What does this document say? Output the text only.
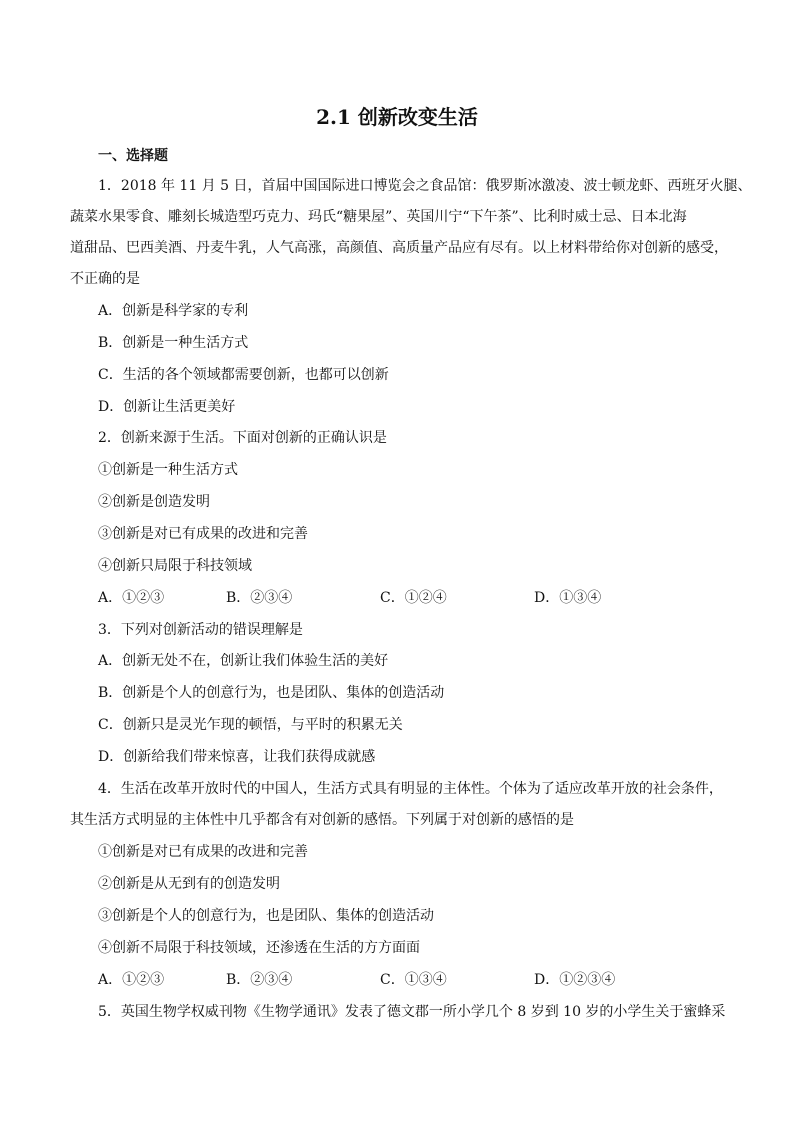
2.1 创新改变生活
一、选择题
1．2018 年 11 月 5 日，首届中国国际进口博览会之食品馆：俄罗斯冰激凌、波士顿龙虾、西班牙火腿、
蔬菜水果零食、雕刻长城造型巧克力、玛氏“糖果屋”、英国川宁“下午茶”、比利时威士忌、日本北海
道甜品、巴西美酒、丹麦牛乳，人气高涨，高颜值、高质量产品应有尽有。以上材料带给你对创新的感受，
不正确的是
A．创新是科学家的专利
B．创新是一种生活方式
C．生活的各个领域都需要创新，也都可以创新
D．创新让生活更美好
2．创新来源于生活。下面对创新的正确认识是
①创新是一种生活方式
②创新是创造发明
③创新是对已有成果的改进和完善
④创新只局限于科技领域
A．①②③	B．②③④	C．①②④	D．①③④
3．下列对创新活动的错误理解是
A．创新无处不在，创新让我们体验生活的美好
B．创新是个人的创意行为，也是团队、集体的创造活动
C．创新只是灵光乍现的顿悟，与平时的积累无关
D．创新给我们带来惊喜，让我们获得成就感
4．生活在改革开放时代的中国人，生活方式具有明显的主体性。个体为了适应改革开放的社会条件，
其生活方式明显的主体性中几乎都含有对创新的感悟。下列属于对创新的感悟的是
①创新是对已有成果的改进和完善
②创新是从无到有的创造发明
③创新是个人的创意行为，也是团队、集体的创造活动
④创新不局限于科技领域，还渗透在生活的方方面面
A．①②③	B．②③④	C．①③④	D．①②③④
5．英国生物学权威刊物《生物学通讯》发表了德文郡一所小学几个 8 岁到 10 岁的小学生关于蜜蜂采
